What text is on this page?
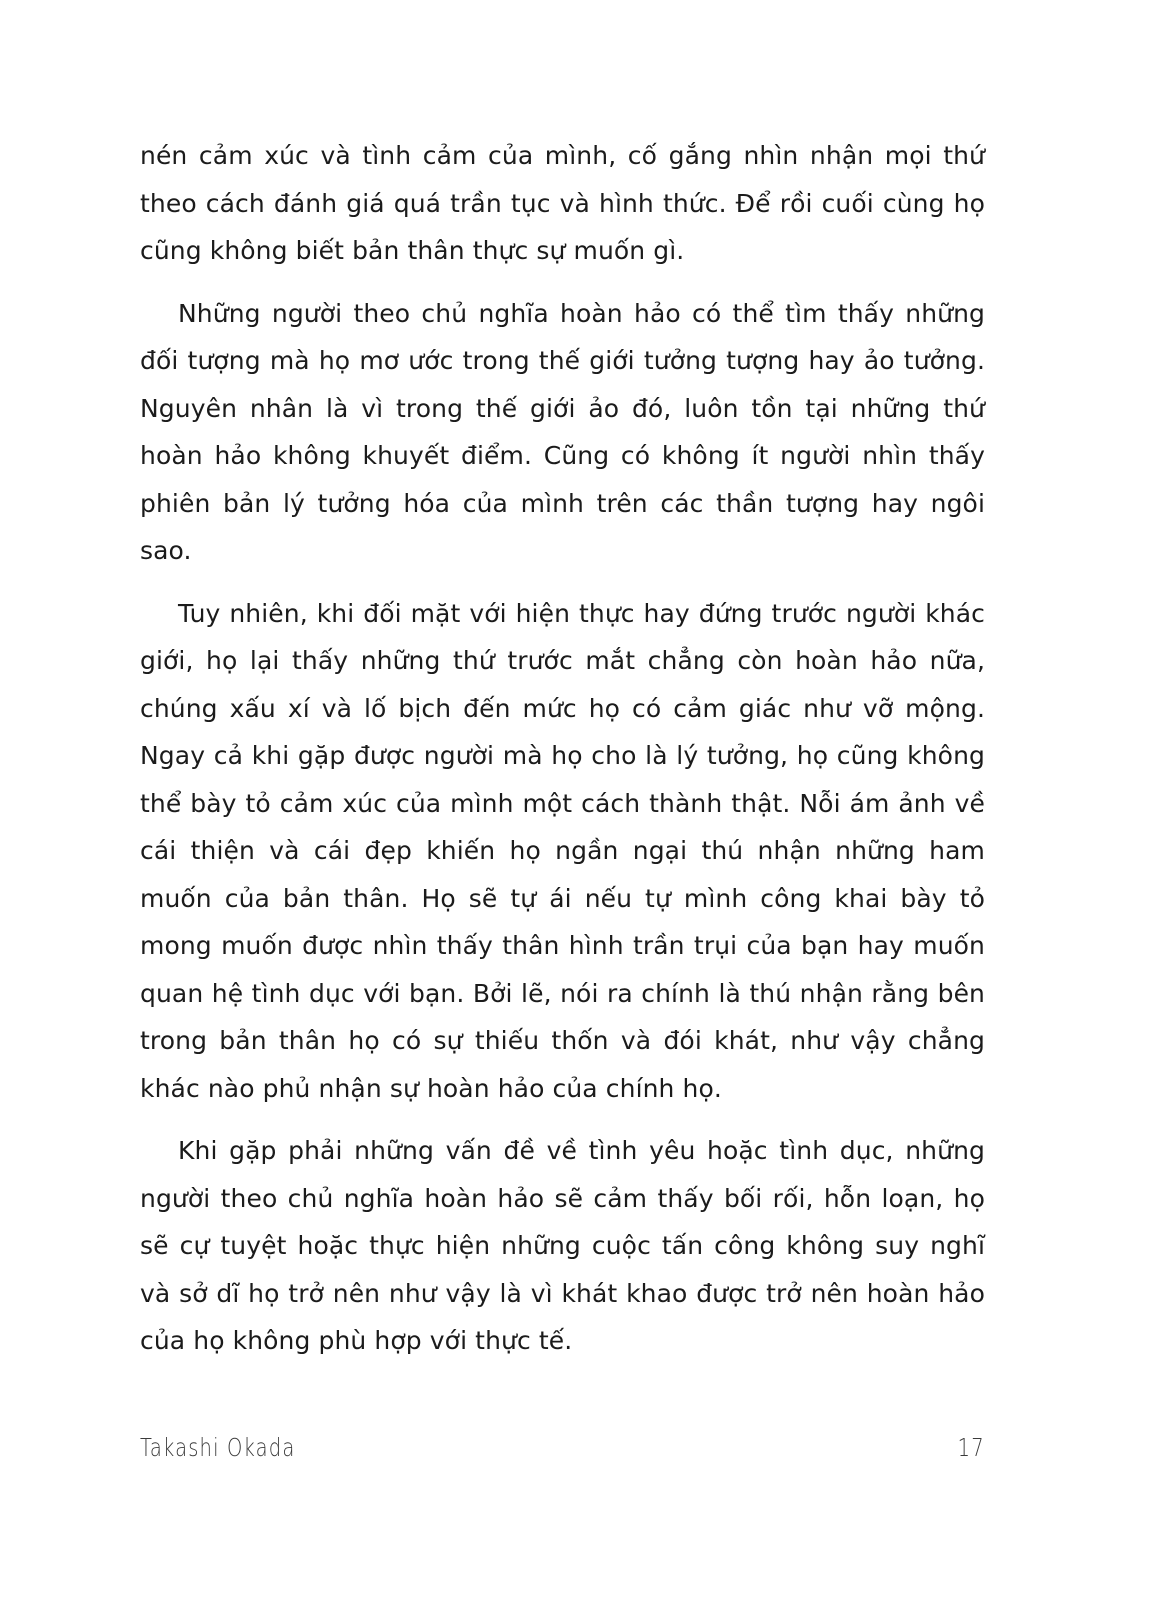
nén cảm xúc và tình cảm của mình, cố gắng nhìn nhận mọi thứ theo cách đánh giá quá trần tục và hình thức. Để rồi cuối cùng họ cũng không biết bản thân thực sự muốn gì.

Những người theo chủ nghĩa hoàn hảo có thể tìm thấy những đối tượng mà họ mơ ước trong thế giới tưởng tượng hay ảo tưởng. Nguyên nhân là vì trong thế giới ảo đó, luôn tồn tại những thứ hoàn hảo không khuyết điểm. Cũng có không ít người nhìn thấy phiên bản lý tưởng hóa của mình trên các thần tượng hay ngôi sao.

Tuy nhiên, khi đối mặt với hiện thực hay đứng trước người khác giới, họ lại thấy những thứ trước mắt chẳng còn hoàn hảo nữa, chúng xấu xí và lố bịch đến mức họ có cảm giác như vỡ mộng. Ngay cả khi gặp được người mà họ cho là lý tưởng, họ cũng không thể bày tỏ cảm xúc của mình một cách thành thật. Nỗi ám ảnh về cái thiện và cái đẹp khiến họ ngần ngại thú nhận những ham muốn của bản thân. Họ sẽ tự ái nếu tự mình công khai bày tỏ mong muốn được nhìn thấy thân hình trần trụi của bạn hay muốn quan hệ tình dục với bạn. Bởi lẽ, nói ra chính là thú nhận rằng bên trong bản thân họ có sự thiếu thốn và đói khát, như vậy chẳng khác nào phủ nhận sự hoàn hảo của chính họ.

Khi gặp phải những vấn đề về tình yêu hoặc tình dục, những người theo chủ nghĩa hoàn hảo sẽ cảm thấy bối rối, hỗn loạn, họ sẽ cự tuyệt hoặc thực hiện những cuộc tấn công không suy nghĩ và sở dĩ họ trở nên như vậy là vì khát khao được trở nên hoàn hảo của họ không phù hợp với thực tế.

Takashi Okada	17
